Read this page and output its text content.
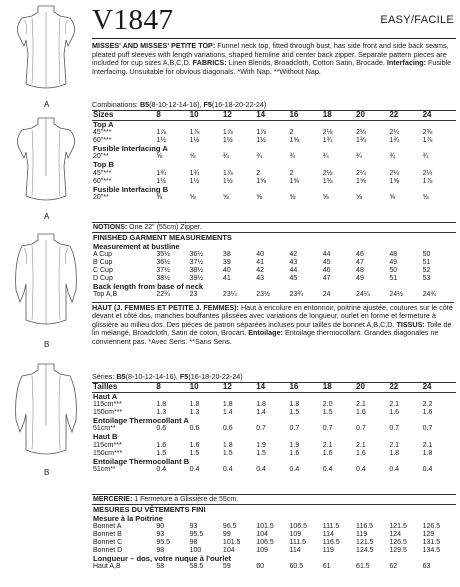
A
A
B
B
V1847	EASY/FACILE
MISSES' AND MISSES' PETITE TOP: Funnel neck top, fitted through bust, has side front and side back seams, pleated puff sleeves with length variations, shaped hemline and center back zipper. Separate pattern pieces are included for cup sizes A,B,C,D. FABRICS: Linen Blends, Broadcloth, Cotton Satin, Brocade. Interfacing: Fusible Interfacing. Unsuitable for obvious diagonals. *With Nap. **Without Nap.
Combinations: B5(8-10-12-14-16), F5(16-18-20-22-24)
Sizes	8	10	12	14	16	18	20	22	24
Top A									
45"***	1⅞	1⅞	1⅞	1⅞	2	2⅛	2¼	2¼	2⅜
60"***	1½	1½	1½	1½	1⅝	1¾	1¾	1¾	1⅞
Fusible Interfacing A									
20"**	⅝	⅝	¾	¾	¾	¾	¾	¾	¾
Top B									
45"***	1¾	1¾	1⅞	2	2	2⅛	2¼	2¼	2¼
60"***	1½	1½	1½	1⅝	1⅝	1⅝	1⅝	1⅝	1⅞
Fusible Interfacing B									
20"**	⅝	⅝	⅝	⅝	⅝	⅝	⅝	⅝	⅝
NOTIONS: One 22" (55cm) Zipper.
FINISHED GARMENT MEASUREMENTS
Measurement at bustline
A Cup	35½	36½	38	40	42	44	46	48	50
B Cup	36½	37½	39	41	43	45	47	49	51
C Cup	37½	38½	40	42	44	46	48	50	52
D Cup	38½	39½	41	43	45	47	49	51	53
Back length from base of neck									
Top A,B	22¾	23	23¼	23½	23¾	24	24¼	24½	24¾
HAUT (J. FEMMES ET PETITE J. FEMMES): Haut à encolure en entonnoir, poitrine ajustée, coutures sur le côté devant et côté dos, manches bouffantes plissées avec variations de longueur, ourlet en forme et fermeture à glissière au milieu dos. Des pièces de patron séparées incluses pour tailles de bonnet A,B,C,D. TISSUS: Toile de lin mélangé, Broadcloth, Satin de coton, Brocart. Entoilage: Entoilage thermocollant. Grandes diagonales ne conviennent pas. *Avec Sens. **Sans Sens.
Séries: B5(8-10-12-14-16), F5(16-18-20-22-24)
Tailles	8	10	12	14	16	18	20	22	24
Haut A									
115cm***	1.8	1.8	1.8	1.8	1.8	2.0	2.1	2.1	2.2
150cm***	1.3	1.3	1.4	1.4	1.5	1.5	1.6	1.6	1.6
Entoilage Thermocollant A									
51cm**	0.6	0.6	0.6	0.7	0.7	0.7	0.7	0.7	0.7
Haut B									
115cm***	1.6	1.6	1.8	1.9	1.9	2.1	2.1	2.1	2.1
150cm***	1.5	1.5	1.5	1.5	1.6	1.6	1.6	1.8	1.8
Entoilage Thermocollant B									
51cm**	0.4	0.4	0.4	0.4	0.4	0.4	0.4	0.4	0.4
MERCERIE: 1 Fermeture à Glissière de 55cm.
MESURES DU VÊTEMENTS FINI
Mesure à la Poitrine
Bonnet A	90	93	96.5	101.5	106.5	111.5	116.5	121.5	126.5
Bonnet B	93	95.5	99	104	109	114	119	124	129
Bonnet C	95.5	98	101.5	106.5	111.5	116.5	121.5	126.5	131.5
Bonnet D	98	100	104	109	114	119	124.5	129.5	134.5
Longueur – dos, votre nuque à l'ourlet									
Haut A,B	58	58.5	59	60	60.5	61	61.5	62	63
